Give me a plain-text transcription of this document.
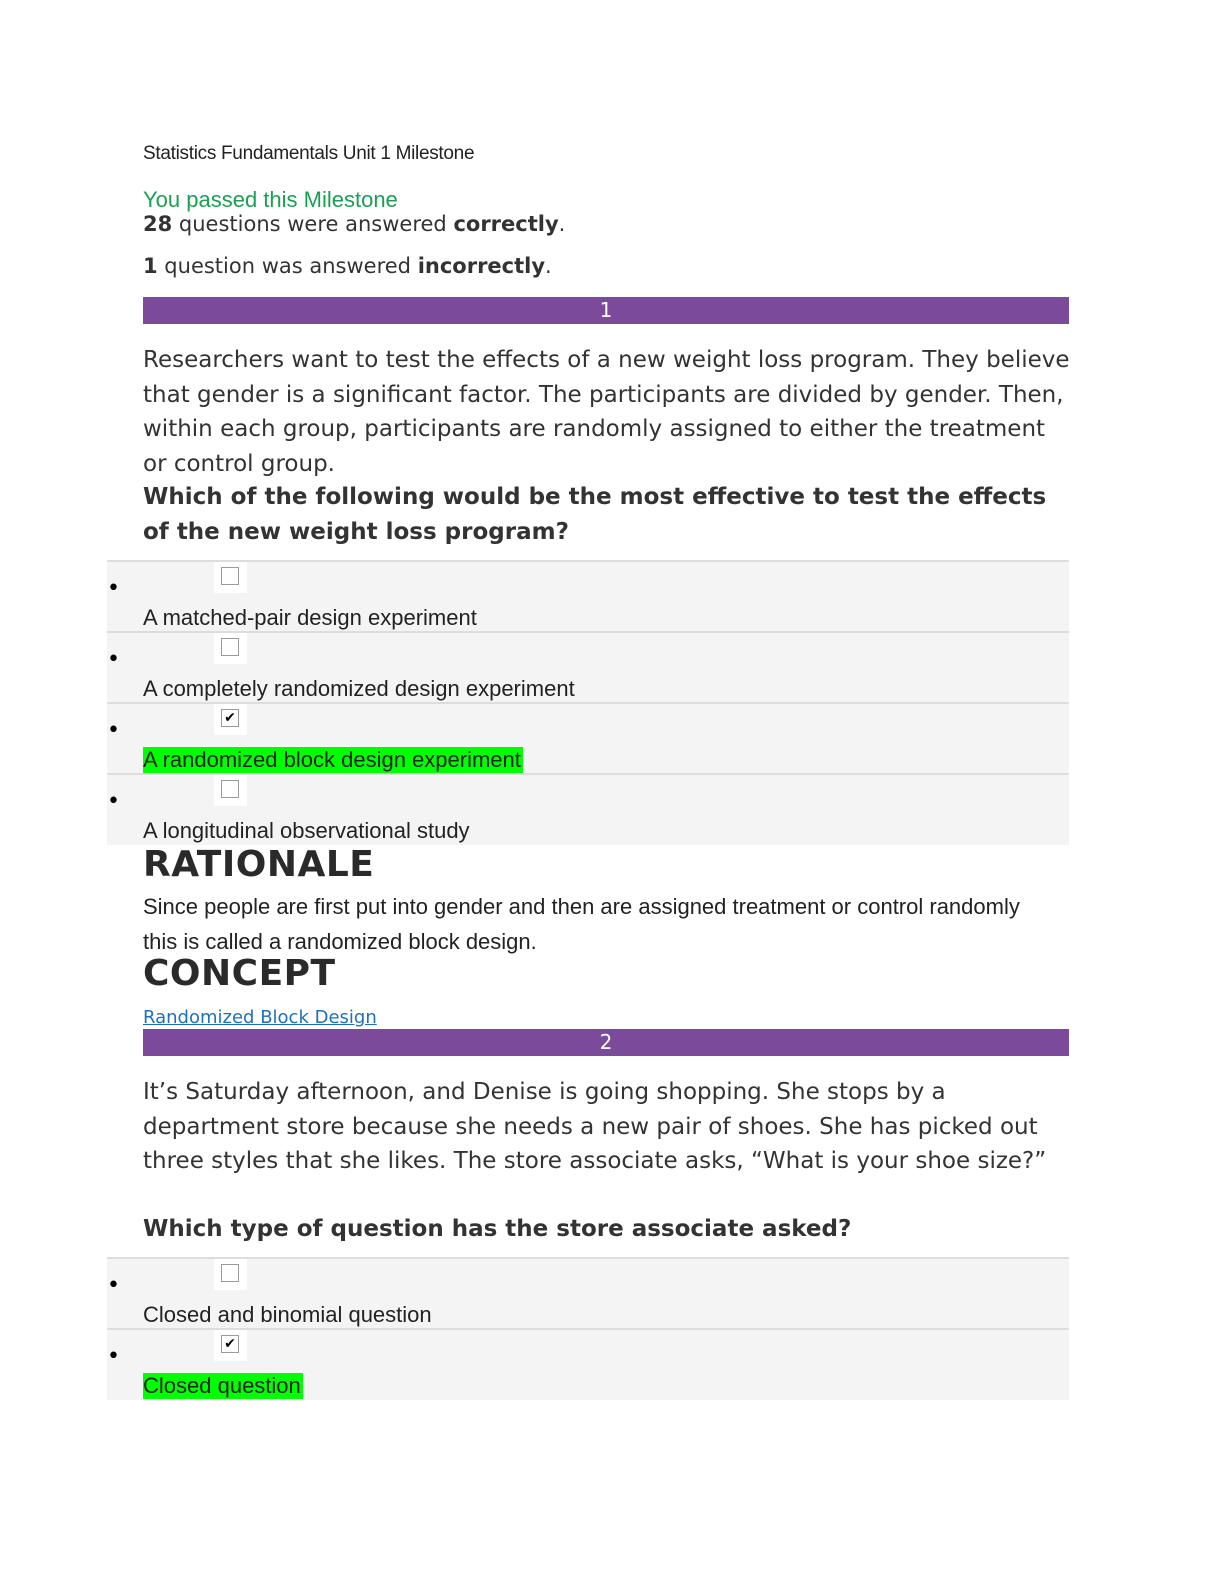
Statistics Fundamentals Unit 1 Milestone
You passed this Milestone
28 questions were answered correctly.
1 question was answered incorrectly.
1
Researchers want to test the effects of a new weight loss program. They believe that gender is a significant factor. The participants are divided by gender. Then, within each group, participants are randomly assigned to either the treatment or control group.
Which of the following would be the most effective to test the effects of the new weight loss program?
•
A matched-pair design experiment
•
A completely randomized design experiment
•	✔
A randomized block design experiment
•
A longitudinal observational study
RATIONALE
Since people are first put into gender and then are assigned treatment or control randomly this is called a randomized block design.
CONCEPT
Randomized Block Design
2
It’s Saturday afternoon, and Denise is going shopping. She stops by a department store because she needs a new pair of shoes. She has picked out three styles that she likes. The store associate asks, “What is your shoe size?”
Which type of question has the store associate asked?
•
Closed and binomial question
•	✔
Closed question
